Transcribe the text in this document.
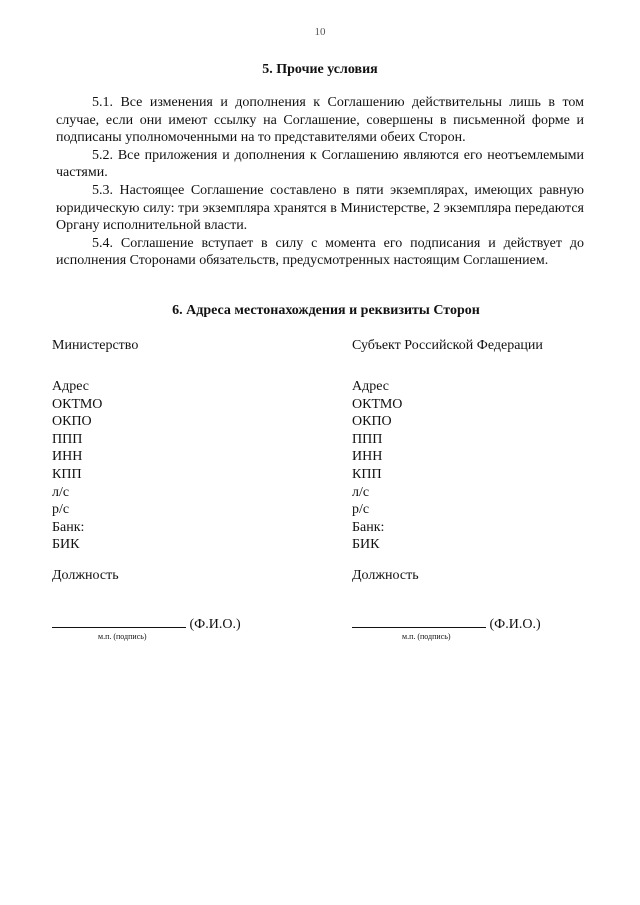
10
5. Прочие условия

5.1. Все изменения и дополнения к Соглашению действительны лишь в том случае, если они имеют ссылку на Соглашение, совершены в письменной форме и подписаны уполномоченными на то представителями обеих Сторон.

5.2. Все приложения и дополнения к Соглашению являются его неотъемлемыми частями.

5.3. Настоящее Соглашение составлено в пяти экземплярах, имеющих равную юридическую силу: три экземпляра хранятся в Министерстве, 2 экземпляра передаются Органу исполнительной власти.

5.4. Соглашение вступает в силу с момента его подписания и действует до исполнения Сторонами обязательств, предусмотренных настоящим Соглашением.

6. Адреса местонахождения и реквизиты Сторон
Министерство
Адрес
ОКТМО
ОКПО
ППП
ИНН
КПП
л/с
р/с
Банк:
БИК
Должность
(Ф.И.О.)
м.п. (подпись)
Субъект Российской Федерации
Адрес
ОКТМО
ОКПО
ППП
ИНН
КПП
л/с
р/с
Банк:
БИК
Должность
(Ф.И.О.)
м.п. (подпись)
